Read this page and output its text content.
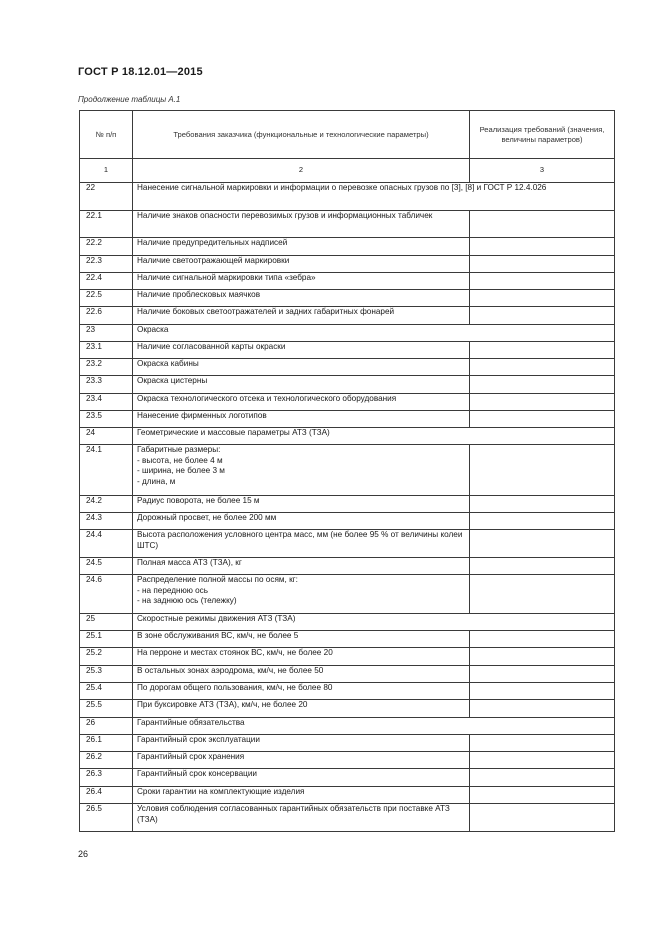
ГОСТ Р 18.12.01—2015
Продолжение таблицы А.1
№ п/п	Требования заказчика (функциональные и технологические параметры)	Реализация требований (значения, величины параметров)
1	2	3
22	Нанесение сигнальной маркировки и информации о перевозке опасных грузов по [3], [8] и ГОСТ Р 12.4.026	
22.1	Наличие знаков опасности перевозимых грузов и информационных табличек	
22.2	Наличие предупредительных надписей	
22.3	Наличие светоотражающей маркировки	
22.4	Наличие сигнальной маркировки типа «зебра»	
22.5	Наличие проблесковых маячков	
22.6	Наличие боковых светоотражателей и задних габаритных фонарей	
23	Окраска	
23.1	Наличие согласованной карты окраски	
23.2	Окраска кабины	
23.3	Окраска цистерны	
23.4	Окраска технологического отсека и технологического оборудования	
23.5	Нанесение фирменных логотипов	
24	Геометрические и массовые параметры АТЗ (ТЗА)	
24.1	Габаритные размеры:
- высота, не более 4 м
- ширина, не более 3 м
- длина, м	
24.2	Радиус поворота, не более 15 м	
24.3	Дорожный просвет, не более 200 мм	
24.4	Высота расположения условного центра масс, мм (не более 95 % от величины колеи ШТС)	
24.5	Полная масса АТЗ (ТЗА), кг	
24.6	Распределение полной массы по осям, кг:
- на переднюю ось
- на заднюю ось (тележку)	
25	Скоростные режимы движения АТЗ (ТЗА)	
25.1	В зоне обслуживания ВС, км/ч, не более 5	
25.2	На перроне и местах стоянок ВС, км/ч, не более 20	
25.3	В остальных зонах аэродрома, км/ч, не более 50	
25.4	По дорогам общего пользования, км/ч, не более 80	
25.5	При буксировке АТЗ (ТЗА), км/ч, не более 20	
26	Гарантийные обязательства	
26.1	Гарантийный срок эксплуатации	
26.2	Гарантийный срок хранения	
26.3	Гарантийный срок консервации	
26.4	Сроки гарантии на комплектующие изделия	
26.5	Условия соблюдения согласованных гарантийных обязательств при поставке АТЗ (ТЗА)	
26
